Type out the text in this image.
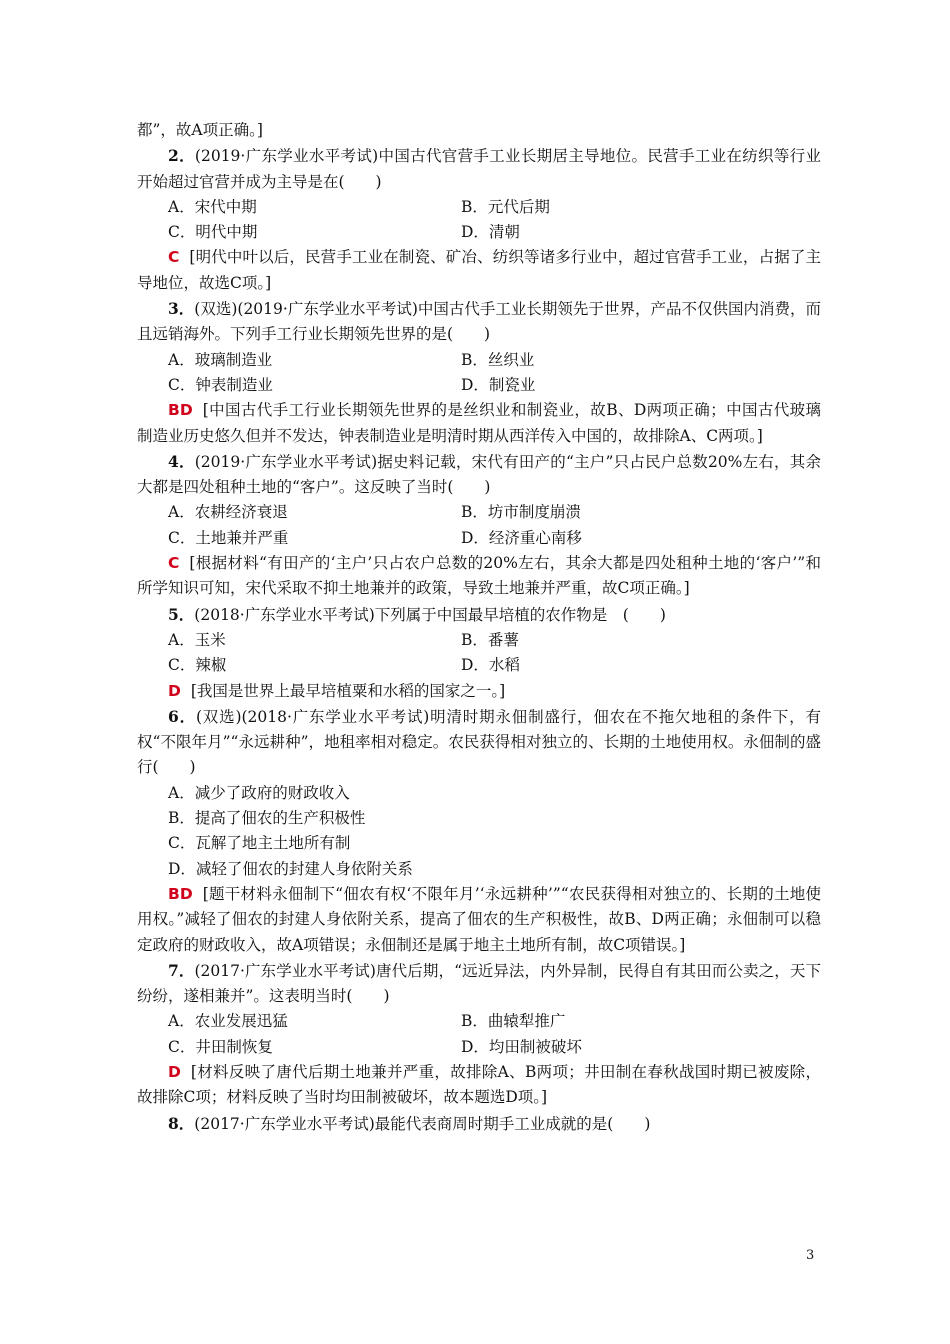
都”，故A项正确。]

2．(2019·广东学业水平考试)中国古代官营手工业长期居主导地位。民营手工业在纺织等行业开始超过官营并成为主导是在(　　)

A．宋代中期	B．元代后期
C．明代中期	D．清朝

C [明代中叶以后，民营手工业在制瓷、矿冶、纺织等诸多行业中，超过官营手工业，占据了主导地位，故选C项。]

3．(双选)(2019·广东学业水平考试)中国古代手工业长期领先于世界，产品不仅供国内消费，而且远销海外。下列手工行业长期领先世界的是(　　)

A．玻璃制造业	B．丝织业
C．钟表制造业	D．制瓷业

BD [中国古代手工行业长期领先世界的是丝织业和制瓷业，故B、D两项正确；中国古代玻璃制造业历史悠久但并不发达，钟表制造业是明清时期从西洋传入中国的，故排除A、C两项。]

4．(2019·广东学业水平考试)据史料记载，宋代有田产的“主户”只占民户总数20%左右，其余大都是四处租种土地的“客户”。这反映了当时(　　)

A．农耕经济衰退	B．坊市制度崩溃
C．土地兼并严重	D．经济重心南移

C [根据材料“有田产的‘主户’只占农户总数的20%左右，其余大都是四处租种土地的‘客户’”和所学知识可知，宋代采取不抑土地兼并的政策，导致土地兼并严重，故C项正确。]

5．(2018·广东学业水平考试)下列属于中国最早培植的农作物是　(　　)

A．玉米	B．番薯
C．辣椒	D．水稻

D [我国是世界上最早培植粟和水稻的国家之一。]

6．(双选)(2018·广东学业水平考试)明清时期永佃制盛行，佃农在不拖欠地租的条件下，有权“不限年月”“永远耕种”，地租率相对稳定。农民获得相对独立的、长期的土地使用权。永佃制的盛行(　　)

A．减少了政府的财政收入
B．提高了佃农的生产积极性
C．瓦解了地主土地所有制
D．减轻了佃农的封建人身依附关系

BD [题干材料永佃制下“佃农有权‘不限年月’‘永远耕种’”“农民获得相对独立的、长期的土地使用权。”减轻了佃农的封建人身依附关系，提高了佃农的生产积极性，故B、D两正确；永佃制可以稳定政府的财政收入，故A项错误；永佃制还是属于地主土地所有制，故C项错误。]

7．(2017·广东学业水平考试)唐代后期，“远近异法，内外异制，民得自有其田而公卖之，天下纷纷，遂相兼并”。这表明当时(　　)

A．农业发展迅猛	B．曲辕犁推广
C．井田制恢复	D．均田制被破坏

D [材料反映了唐代后期土地兼并严重，故排除A、B两项；井田制在春秋战国时期已被废除，故排除C项；材料反映了当时均田制被破坏，故本题选D项。]

8．(2017·广东学业水平考试)最能代表商周时期手工业成就的是(　　)

3
